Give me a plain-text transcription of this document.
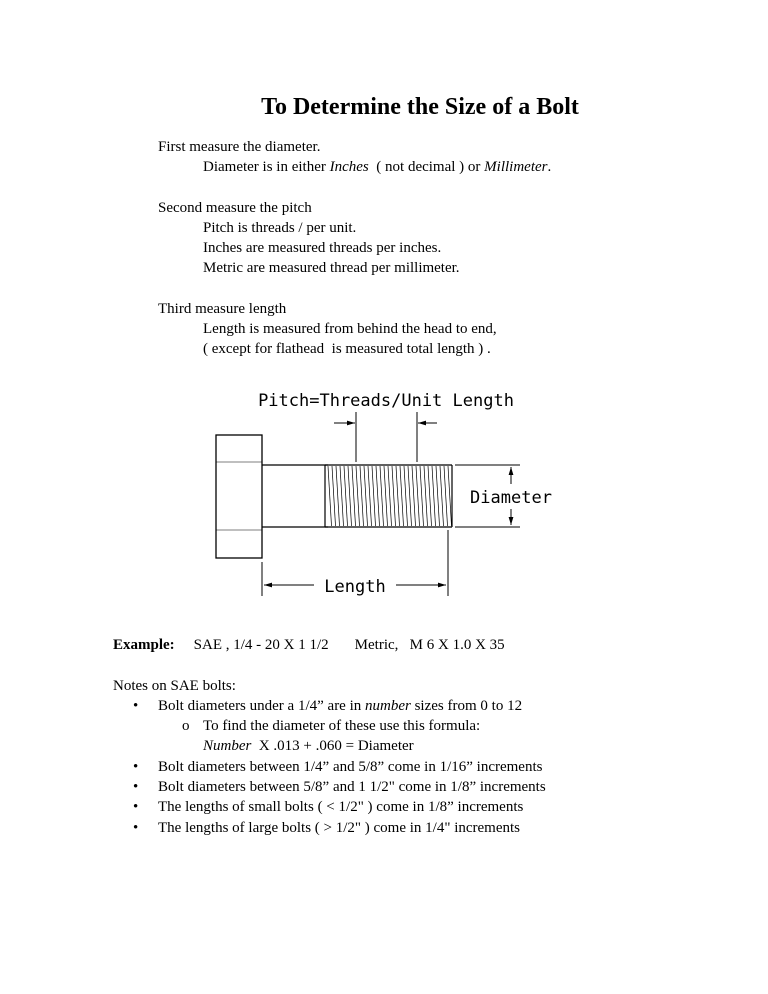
To Determine the Size of a Bolt
First measure the diameter.
Diameter is in either Inches  ( not decimal ) or Millimeter.
Second measure the pitch
Pitch is threads / per unit.
Inches are measured threads per inches.
Metric are measured thread per millimeter.
Third measure length
Length is measured from behind the head to end,
( except for flathead  is measured total length ) .
Pitch=Threads/Unit Length
Diameter
Length
Example: SAE , 1/4 - 20 X 1 1/2 Metric,   M 6 X 1.0 X 35
Notes on SAE bolts:
• Bolt diameters under a 1/4” are in number sizes from 0 to 12
o To find the diameter of these use this formula:
Number  X .013 + .060 = Diameter
• Bolt diameters between 1/4” and 5/8” come in 1/16” increments
• Bolt diameters between 5/8” and 1 1/2" come in 1/8” increments
• The lengths of small bolts ( < 1/2" ) come in 1/8” increments
• The lengths of large bolts ( > 1/2" ) come in 1/4" increments
